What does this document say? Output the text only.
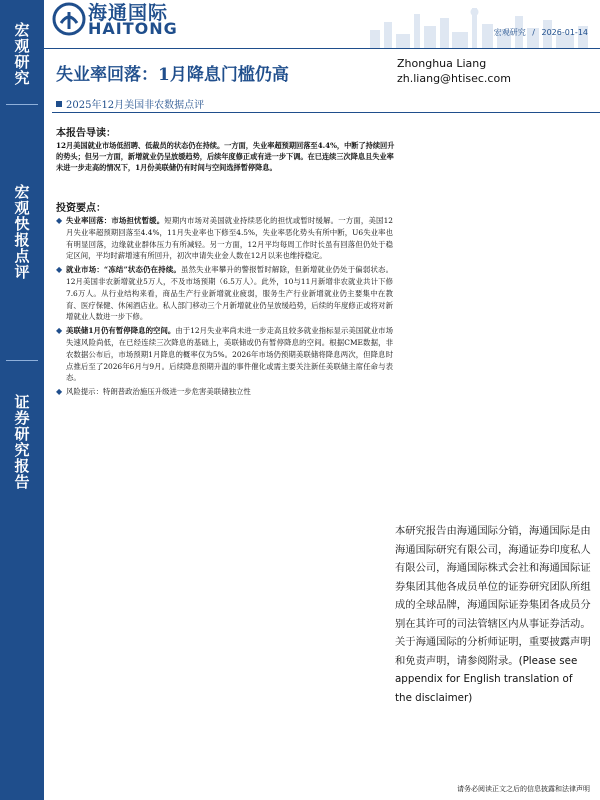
宏观研究
宏观快报点评
证券研究报告
宏观研究 / 2026-01-14
海通国际
HAITONG
失业率回落：1月降息门槛仍高
Zhonghua Liang
zh.liang@htisec.com
2025年12月美国非农数据点评
本报告导读：

12月美国就业市场低招聘、低裁员的状态仍在持续。一方面，失业率超预期回落至4.4%，中断了持续回升的势头；但另一方面，新增就业仍呈放缓趋势，后续年度修正或有进一步下调。在已连续三次降息且失业率未进一步走高的情况下，1月份美联储仍有时间与空间选择暂停降息。

投资要点：
◆ 失业率回落：市场担忧暂缓。短期内市场对美国就业持续恶化的担忧或暂时缓解。一方面，美国12月失业率超预期回落至4.4%，11月失业率也下修至4.5%，失业率恶化势头有所中断，U6失业率也有明显回落，边缘就业群体压力有所减轻。另一方面，12月平均每周工作时长虽有回落但仍处于稳定区间，平均时薪增速有所回升，初次申请失业金人数在12月以来也维持稳定。
◆ 就业市场：“冻结”状态仍在持续。虽然失业率攀升的警报暂时解除，但新增就业仍处于偏弱状态。12月美国非农新增就业5万人，不及市场预期（6.5万人）。此外，10与11月新增非农就业共计下修7.6万人。从行业结构来看，商品生产行业新增就业疲弱，服务生产行业新增就业仍主要集中在教育、医疗保健、休闲酒店业。私人部门移动三个月新增就业仍呈放缓趋势，后续的年度修正或将对新增就业人数进一步下修。
◆ 美联储1月仍有暂停降息的空间。由于12月失业率尚未进一步走高且较多就业指标显示美国就业市场失速风险尚低，在已经连续三次降息的基础上，美联储或仍有暂停降息的空间。根据CME数据，非农数据公布后，市场预期1月降息的概率仅为5%。2026年市场仍预期美联储将降息两次，但降息时点推后至了2026年6月与9月。后续降息预期升温的事件催化或需主要关注新任美联储主席任命与表态。
◆ 风险提示：特朗普政治施压升级进一步危害美联储独立性
本研究报告由海通国际分销，海通国际是由海通国际研究有限公司，海通证券印度私人有限公司，海通国际株式会社和海通国际证券集团其他各成员单位的证券研究团队所组成的全球品牌，海通国际证券集团各成员分别在其许可的司法管辖区内从事证券活动。关于海通国际的分析师证明，重要披露声明和免责声明，请参阅附录。(Please see appendix for English translation of the disclaimer)
请务必阅读正文之后的信息披露和法律声明
